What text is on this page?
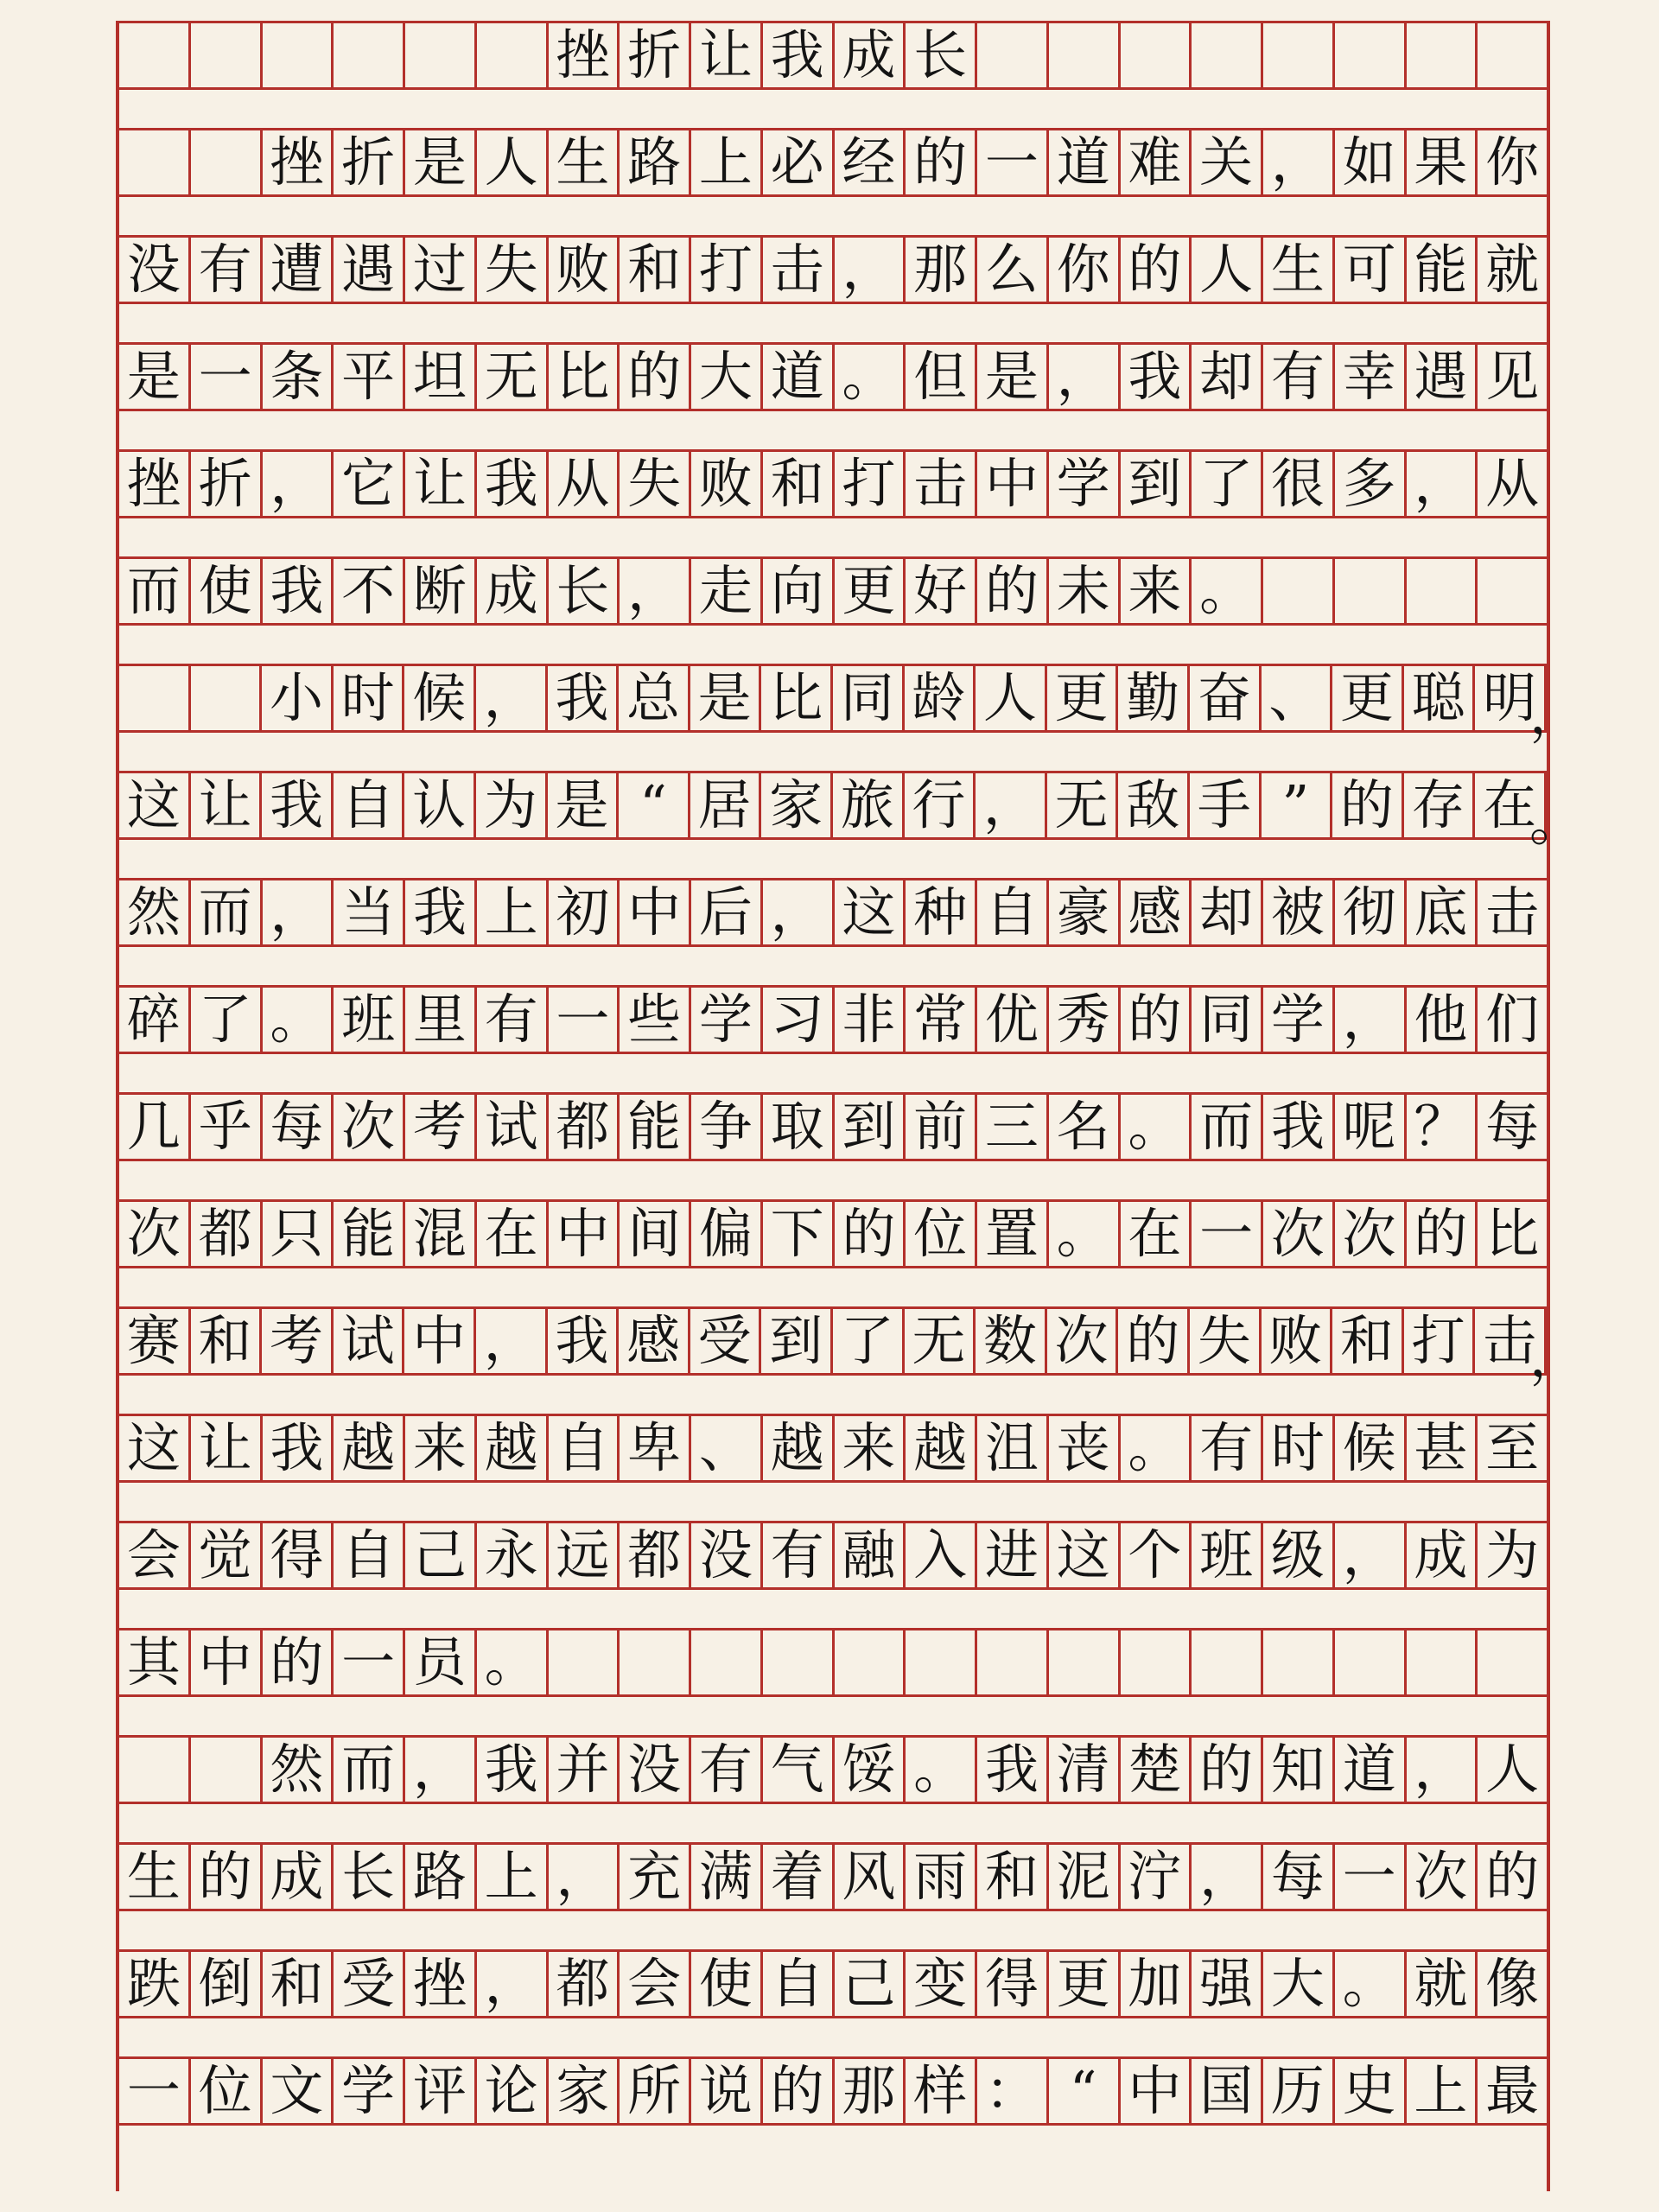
挫 折 让 我 成 长
挫 折 是 人 生 路 上 必 经 的 一 道 难 关 ， 如 果 你
没 有 遭 遇 过 失 败 和 打 击 ， 那 么 你 的 人 生 可 能 就
是 一 条 平 坦 无 比 的 大 道 。 但 是 ， 我 却 有 幸 遇 见
挫 折 ， 它 让 我 从 失 败 和 打 击 中 学 到 了 很 多 ， 从
而 使 我 不 断 成 长 ， 走 向 更 好 的 未 来 。
小 时 候 ， 我 总 是 比 同 龄 人 更 勤 奋 、 更 聪 明
，
这 让 我 自 认 为 是 “ 居 家 旅 行 ， 无 敌 手 ” 的 存 在
。
然 而 ， 当 我 上 初 中 后 ， 这 种 自 豪 感 却 被 彻 底 击
碎 了 。 班 里 有 一 些 学 习 非 常 优 秀 的 同 学 ， 他 们
几 乎 每 次 考 试 都 能 争 取 到 前 三 名 。 而 我 呢 ？ 每
次 都 只 能 混 在 中 间 偏 下 的 位 置 。 在 一 次 次 的 比
赛 和 考 试 中 ， 我 感 受 到 了 无 数 次 的 失 败 和 打 击
，
这 让 我 越 来 越 自 卑 、 越 来 越 沮 丧 。 有 时 候 甚 至
会 觉 得 自 己 永 远 都 没 有 融 入 进 这 个 班 级 ， 成 为
其 中 的 一 员 。
然 而 ， 我 并 没 有 气 馁 。 我 清 楚 的 知 道 ， 人
生 的 成 长 路 上 ， 充 满 着 风 雨 和 泥 泞 ， 每 一 次 的
跌 倒 和 受 挫 ， 都 会 使 自 己 变 得 更 加 强 大 。 就 像
一 位 文 学 评 论 家 所 说 的 那 样 ： “ 中 国 历 史 上 最
